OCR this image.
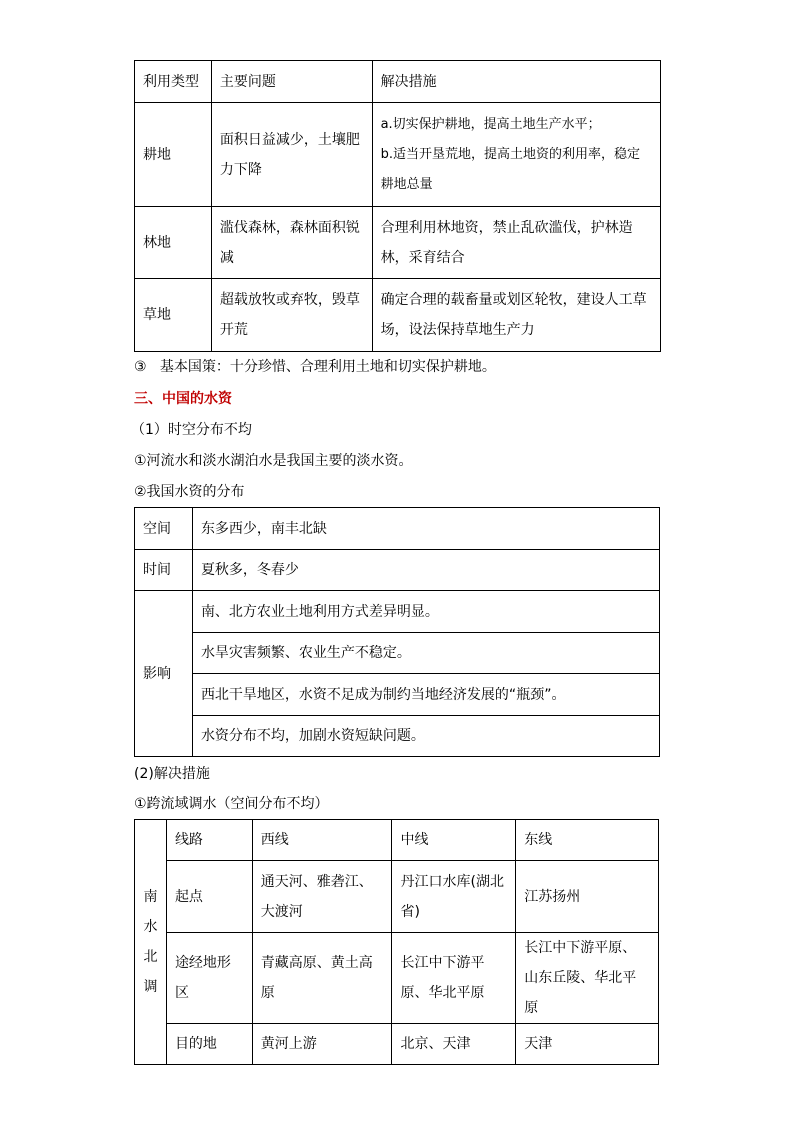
利用类型	主要问题	解决措施
耕地	面积日益减少，土壤肥力下降	a.切实保护耕地，提高土地生产水平；
b.适当开垦荒地，提高土地资的利用率，稳定耕地总量

林地	滥伐森林，森林面积锐减	合理利用林地资，禁止乱砍滥伐，护林造林，采育结合
草地	超载放牧或弃牧，毁草开荒	确定合理的载畜量或划区轮牧，建设人工草场，设法保持草地生产力
③ 基本国策：十分珍惜、合理利用土地和切实保护耕地。
三、中国的水资
（1）时空分布不均
①河流水和淡水湖泊水是我国主要的淡水资。
②我国水资的分布
空间	东多西少，南丰北缺
时间	夏秋多，冬春少
影响	南、北方农业土地利用方式差异明显。
	水旱灾害频繁、农业生产不稳定。
	西北干旱地区，水资不足成为制约当地经济发展的“瓶颈”。
	水资分布不均，加剧水资短缺问题。
(2)解决措施
①跨流域调水（空间分布不均）
南
水
北
调	线路	西线	中线	东线
	起点	通天河、雅砻江、大渡河	丹江口水库(湖北省)	江苏扬州
	途经地形区	青藏高原、黄土高原	长江中下游平原、华北平原	长江中下游平原、山东丘陵、华北平原
	目的地	黄河上游	北京、天津	天津
